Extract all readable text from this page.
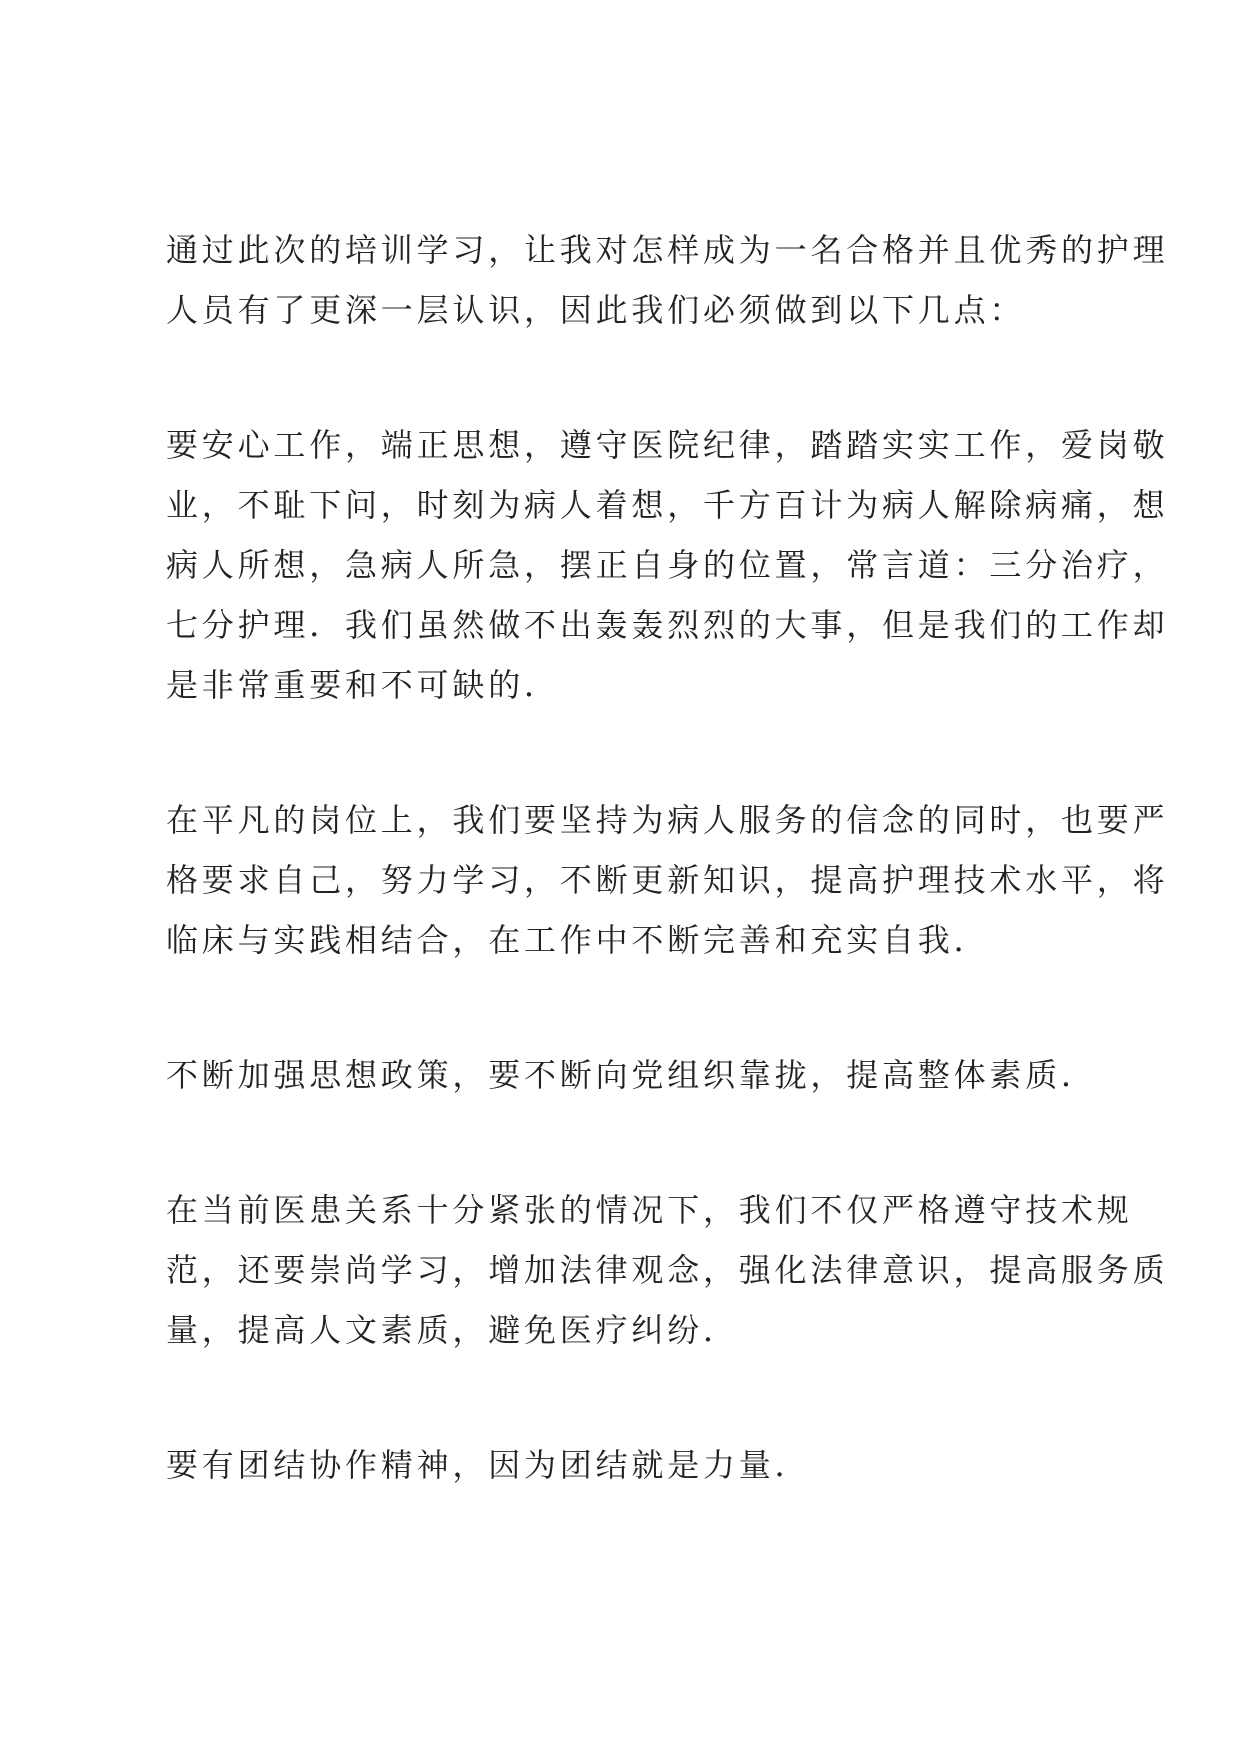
通过此次的培训学习，让我对怎样成为一名合格并且优秀的护理

人员有了更深一层认识，因此我们必须做到以下几点：

要安心工作，端正思想，遵守医院纪律，踏踏实实工作，爱岗敬

业，不耻下问，时刻为病人着想，千方百计为病人解除病痛，想

病人所想，急病人所急，摆正自身的位置，常言道：三分治疗，

七分护理．我们虽然做不出轰轰烈烈的大事，但是我们的工作却

是非常重要和不可缺的．

在平凡的岗位上，我们要坚持为病人服务的信念的同时，也要严

格要求自己，努力学习，不断更新知识，提高护理技术水平，将

临床与实践相结合，在工作中不断完善和充实自我．

不断加强思想政策，要不断向党组织靠拢，提高整体素质．

在当前医患关系十分紧张的情况下，我们不仅严格遵守技术规

范，还要崇尚学习，增加法律观念，强化法律意识，提高服务质

量，提高人文素质，避免医疗纠纷．

要有团结协作精神，因为团结就是力量．
